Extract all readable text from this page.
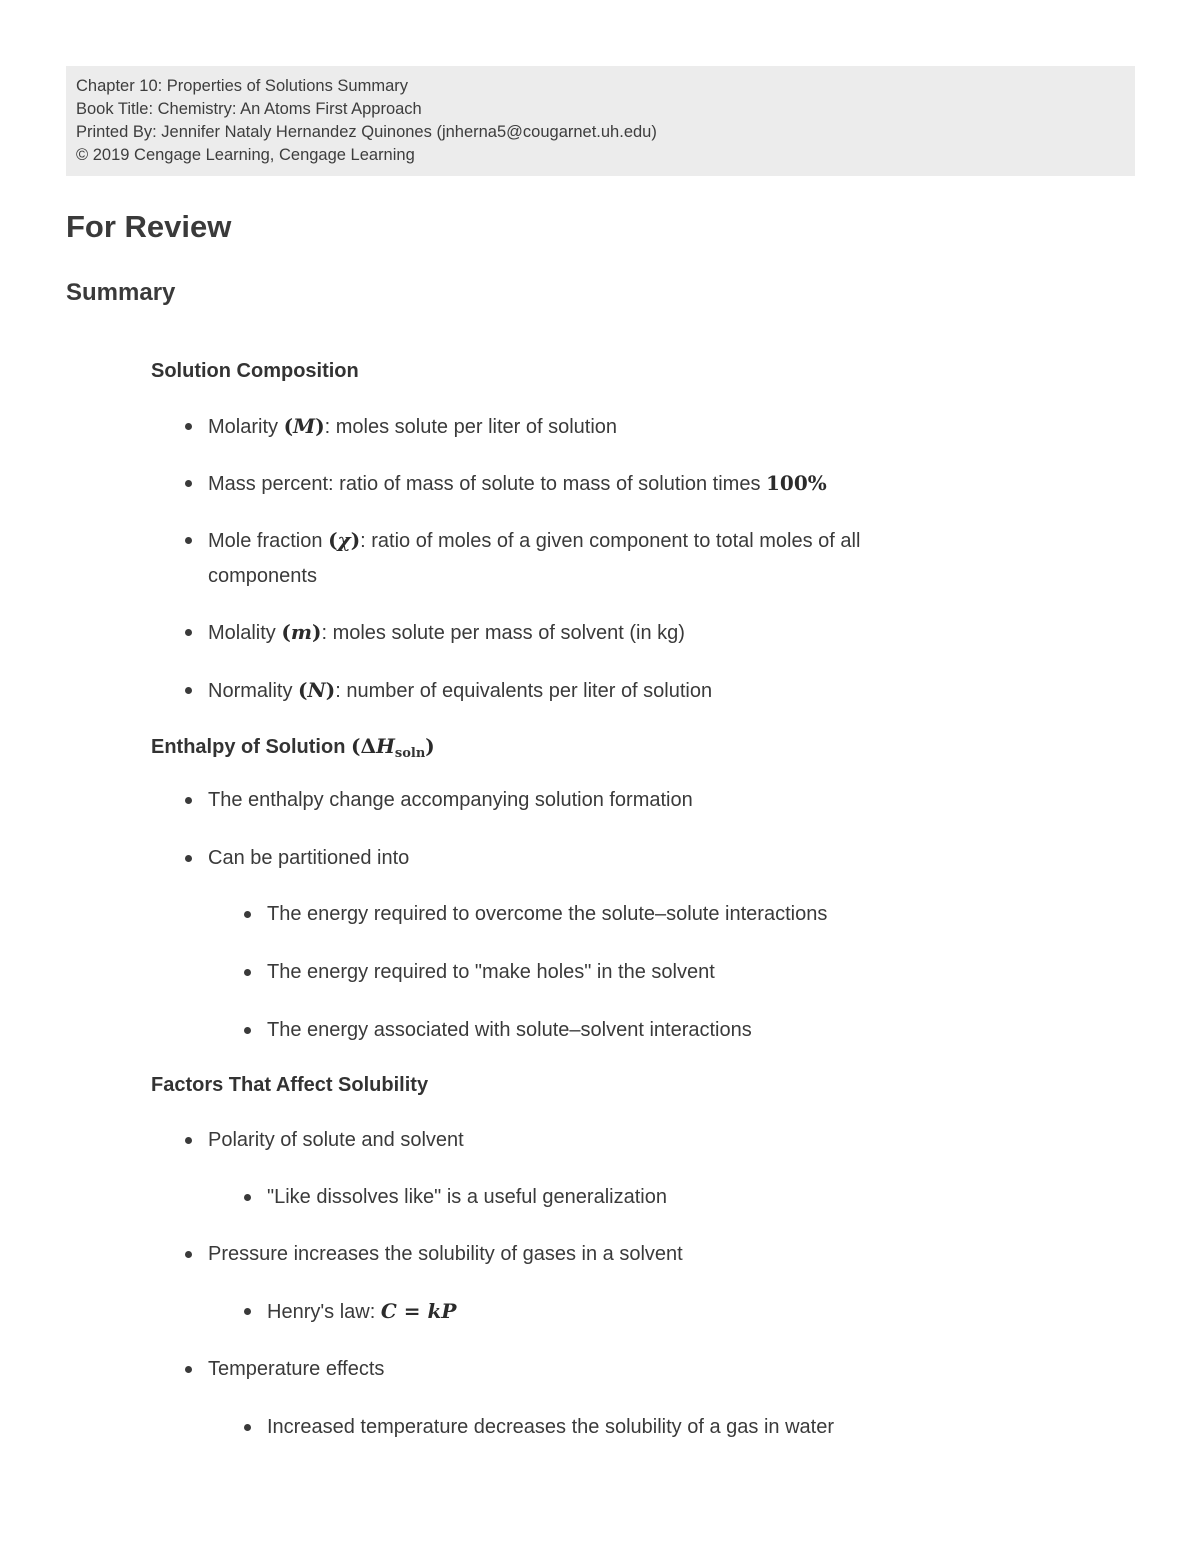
Chapter 10: Properties of Solutions Summary
Book Title: Chemistry: An Atoms First Approach
Printed By: Jennifer Nataly Hernandez Quinones (jnherna5@cougarnet.uh.edu)
© 2019 Cengage Learning, Cengage Learning
For Review
Summary
Solution Composition
Molarity (M): moles solute per liter of solution
Mass percent: ratio of mass of solute to mass of solution times 100%
Mole fraction (χ): ratio of moles of a given component to total moles of all
components
Molality (m): moles solute per mass of solvent (in kg)
Normality (N): number of equivalents per liter of solution
Enthalpy of Solution $(\Delta H_{soln})$
The enthalpy change accompanying solution formation
Can be partitioned into
The energy required to overcome the solute–solute interactions
The energy required to "make holes" in the solvent
The energy associated with solute–solvent interactions
Factors That Affect Solubility
Polarity of solute and solvent
"Like dissolves like" is a useful generalization
Pressure increases the solubility of gases in a solvent
Henry's law: C = kP
Temperature effects
Increased temperature decreases the solubility of a gas in water
